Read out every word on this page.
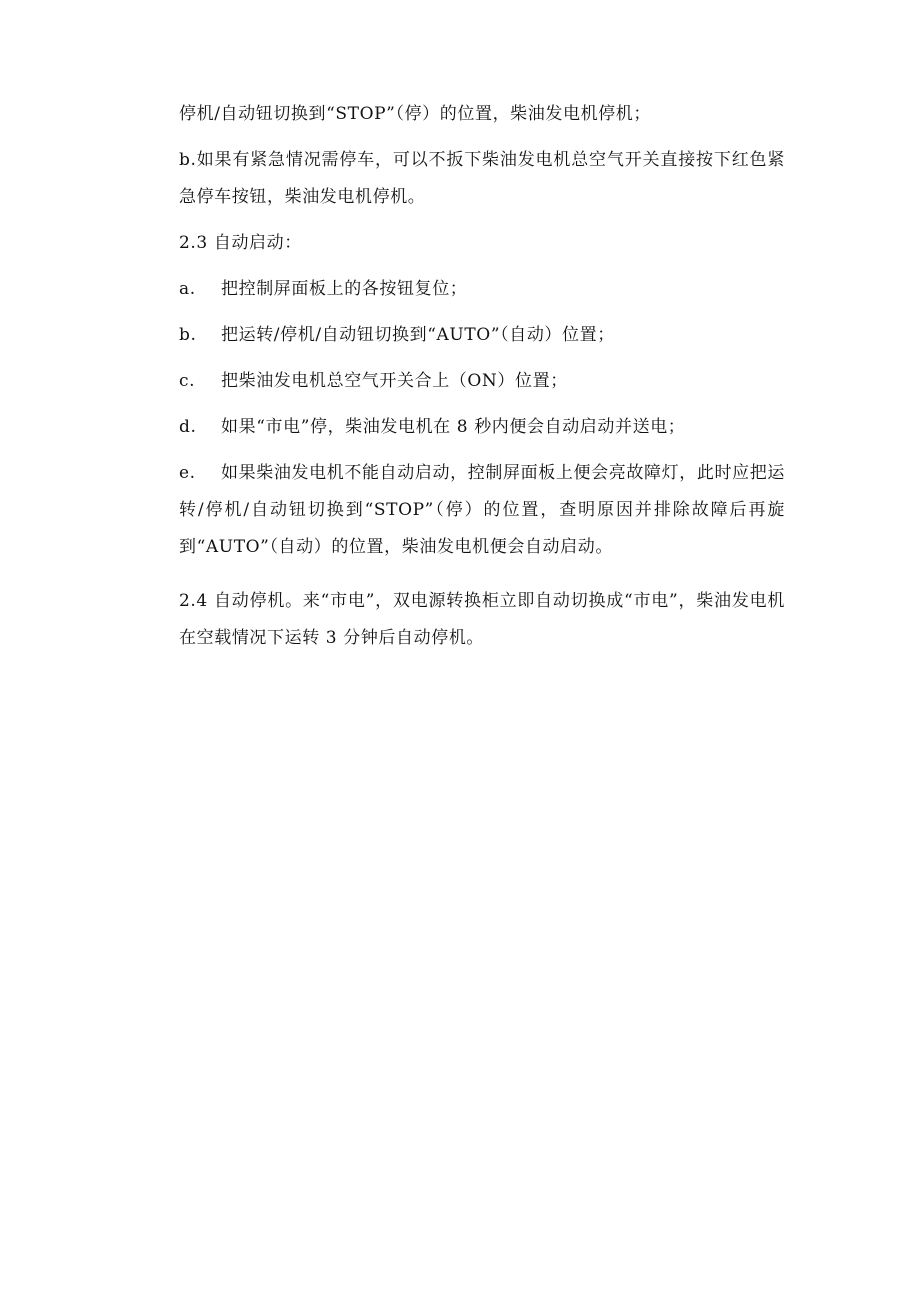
停机/自动钮切换到“STOP”（停）的位置，柴油发电机停机；

b.如果有紧急情况需停车，可以不扳下柴油发电机总空气开关直接按下红色紧急停车按钮，柴油发电机停机。

2.3 自动启动：

a.	把控制屏面板上的各按钮复位；
b.	把运转/停机/自动钮切换到“AUTO”（自动）位置；
c.	把柴油发电机总空气开关合上（ON）位置；
d.	如果“市电”停，柴油发电机在 8 秒内便会自动启动并送电；

e. 如果柴油发电机不能自动启动，控制屏面板上便会亮故障灯，此时应把运转/停机/自动钮切换到“STOP”（停）的位置，查明原因并排除故障后再旋到“AUTO”（自动）的位置，柴油发电机便会自动启动。

2.4 自动停机。来“市电”，双电源转换柜立即自动切换成“市电”，柴油发电机在空载情况下运转 3 分钟后自动停机。
